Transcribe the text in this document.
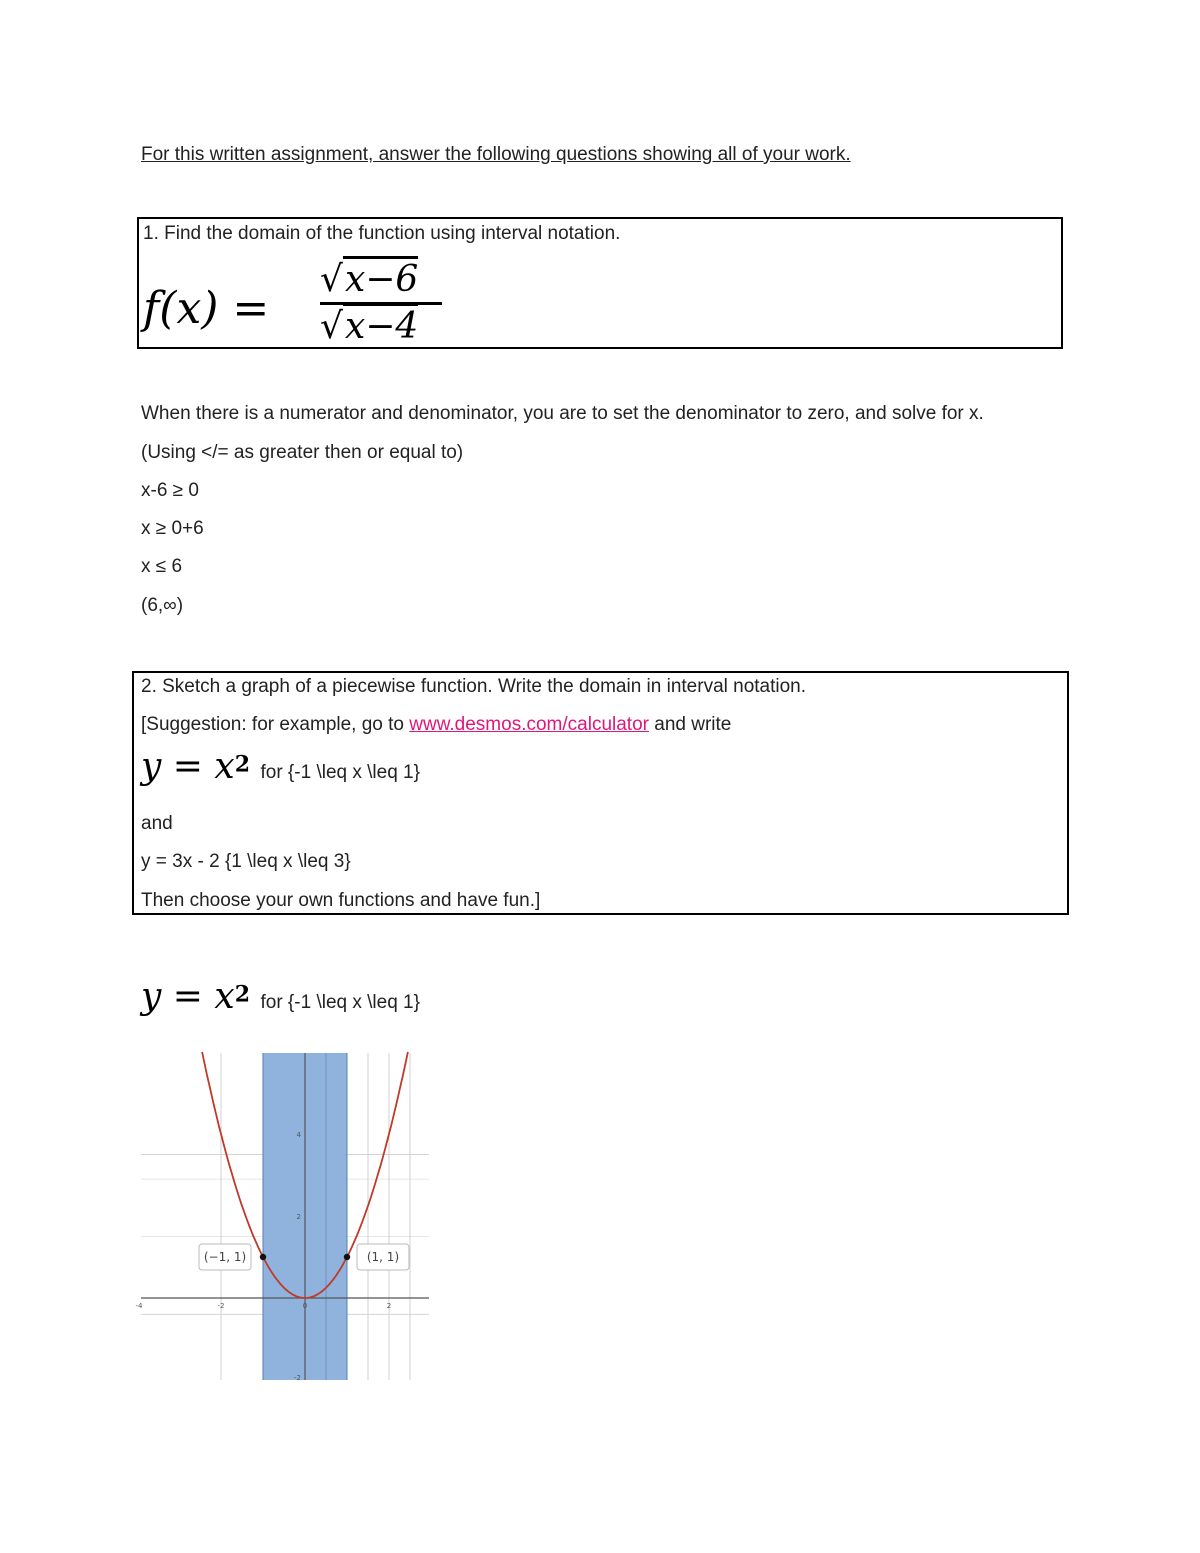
For this written assignment, answer the following questions showing all of your work.
1. Find the domain of the function using interval notation.
f(x) =
√x−6
√x−4
When there is a numerator and denominator, you are to set the denominator to zero, and solve for x.
(Using </= as greater then or equal to)
x-6 ≥ 0
x ≥ 0+6
x ≤ 6
(6,∞)
2. Sketch a graph of a piecewise function. Write the domain in interval notation.
[Suggestion: for example, go to www.desmos.com/calculator and write
$y = x^2$ for {-1 \leq x \leq 1}
and
y = 3x - 2 {1 \leq x \leq 3}
Then choose your own functions and have fun.]
$y = x^2$ for {-1 \leq x \leq 1}
-4	-2	0	2
4
2
-2
(−1, 1)	(1, 1)
